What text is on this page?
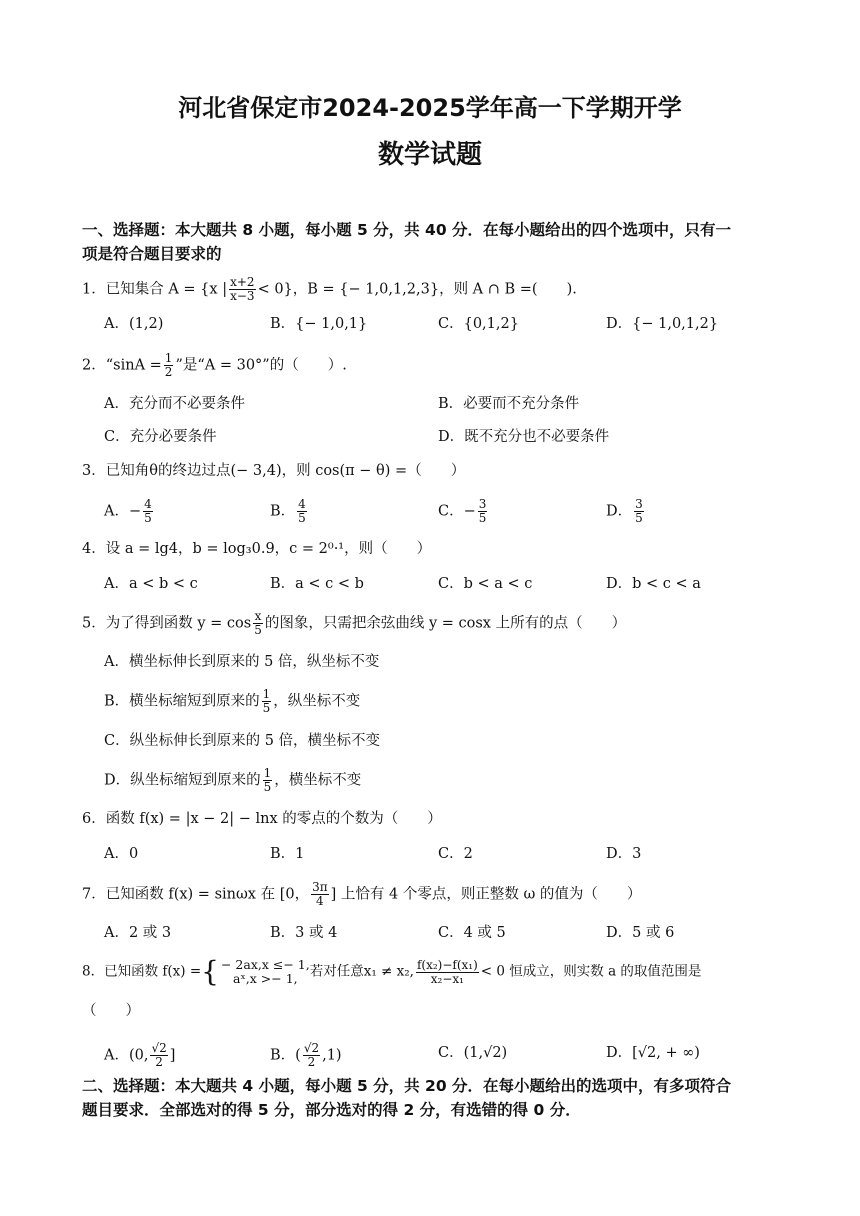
河北省保定市2024-2025学年高一下学期开学
数学试题
一、选择题：本大题共 8 小题，每小题 5 分，共 40 分．在每小题给出的四个选项中，只有一
项是符合题目要求的
1．已知集合 A = {x | $\frac{x+2}{x-3} < 0$}，B = {− 1,0,1,2,3}，则 A ∩ B =(　　).
A．(1,2)	B．{− 1,0,1}	C．{0,1,2}	D．{− 1,0,1,2}
2．“$\sin A = \frac{1}{2}$ ”是“A = 30°”的（　　）.
A．充分而不必要条件	B．必要而不充分条件
C．充分必要条件	D．既不充分也不必要条件
3．已知角θ的终边过点(− 3,4)，则 cos(π − θ) =（　　）
A．− $\frac{4}{5}$	B． $\frac{4}{5}$	C．− $\frac{3}{5}$	D． $\frac{3}{5}$
4．设 a = lg4，b = log₃0.9，c = 2⁰·¹，则（　　）
A．a < b < c	B．a < c < b	C．b < a < c	D．b < c < a
5．为了得到函数 $y = \cos \frac{x}{5}$ 的图象，只需把余弦曲线 y = cosx 上所有的点（　　）
A．横坐标伸长到原来的 5 倍，纵坐标不变
B．横坐标缩短到原来的 $\frac{1}{5}$ ，纵坐标不变
C．纵坐标伸长到原来的 5 倍，横坐标不变
D．纵坐标缩短到原来的 $\frac{1}{5}$ ，横坐标不变
6．函数 f(x) = |x − 2| − lnx 的零点的个数为（　　）
A．0	B．1	C．2	D．3
7．已知函数 f(x) = sinωx 在 [0， $\frac{3\pi}{4}$ ] 上恰有 4 个零点，则正整数 ω 的值为（　　）
A．2 或 3	B．3 或 4	C．4 或 5	D．5 或 6
8．已知函数 f(x) ={ − 2ax,x ≤− 1,
aˣ,x >− 1, 若对任意x₁ ≠ x₂, $\frac{\text{f(x₂)−f(x₁)}}{\text{x₂−x₁}} < 0$ 恒成立，则实数 a 的取值范围是
（　　）
A．(0, $\frac{√2}{2}$ ]	B．( $\frac{√2}{2} ,1$)	C．(1,√2)	D．[√2, + ∞)
二、选择题：本大题共 4 小题，每小题 5 分，共 20 分．在每小题给出的选项中，有多项符合
题目要求．全部选对的得 5 分，部分选对的得 2 分，有选错的得 0 分．
